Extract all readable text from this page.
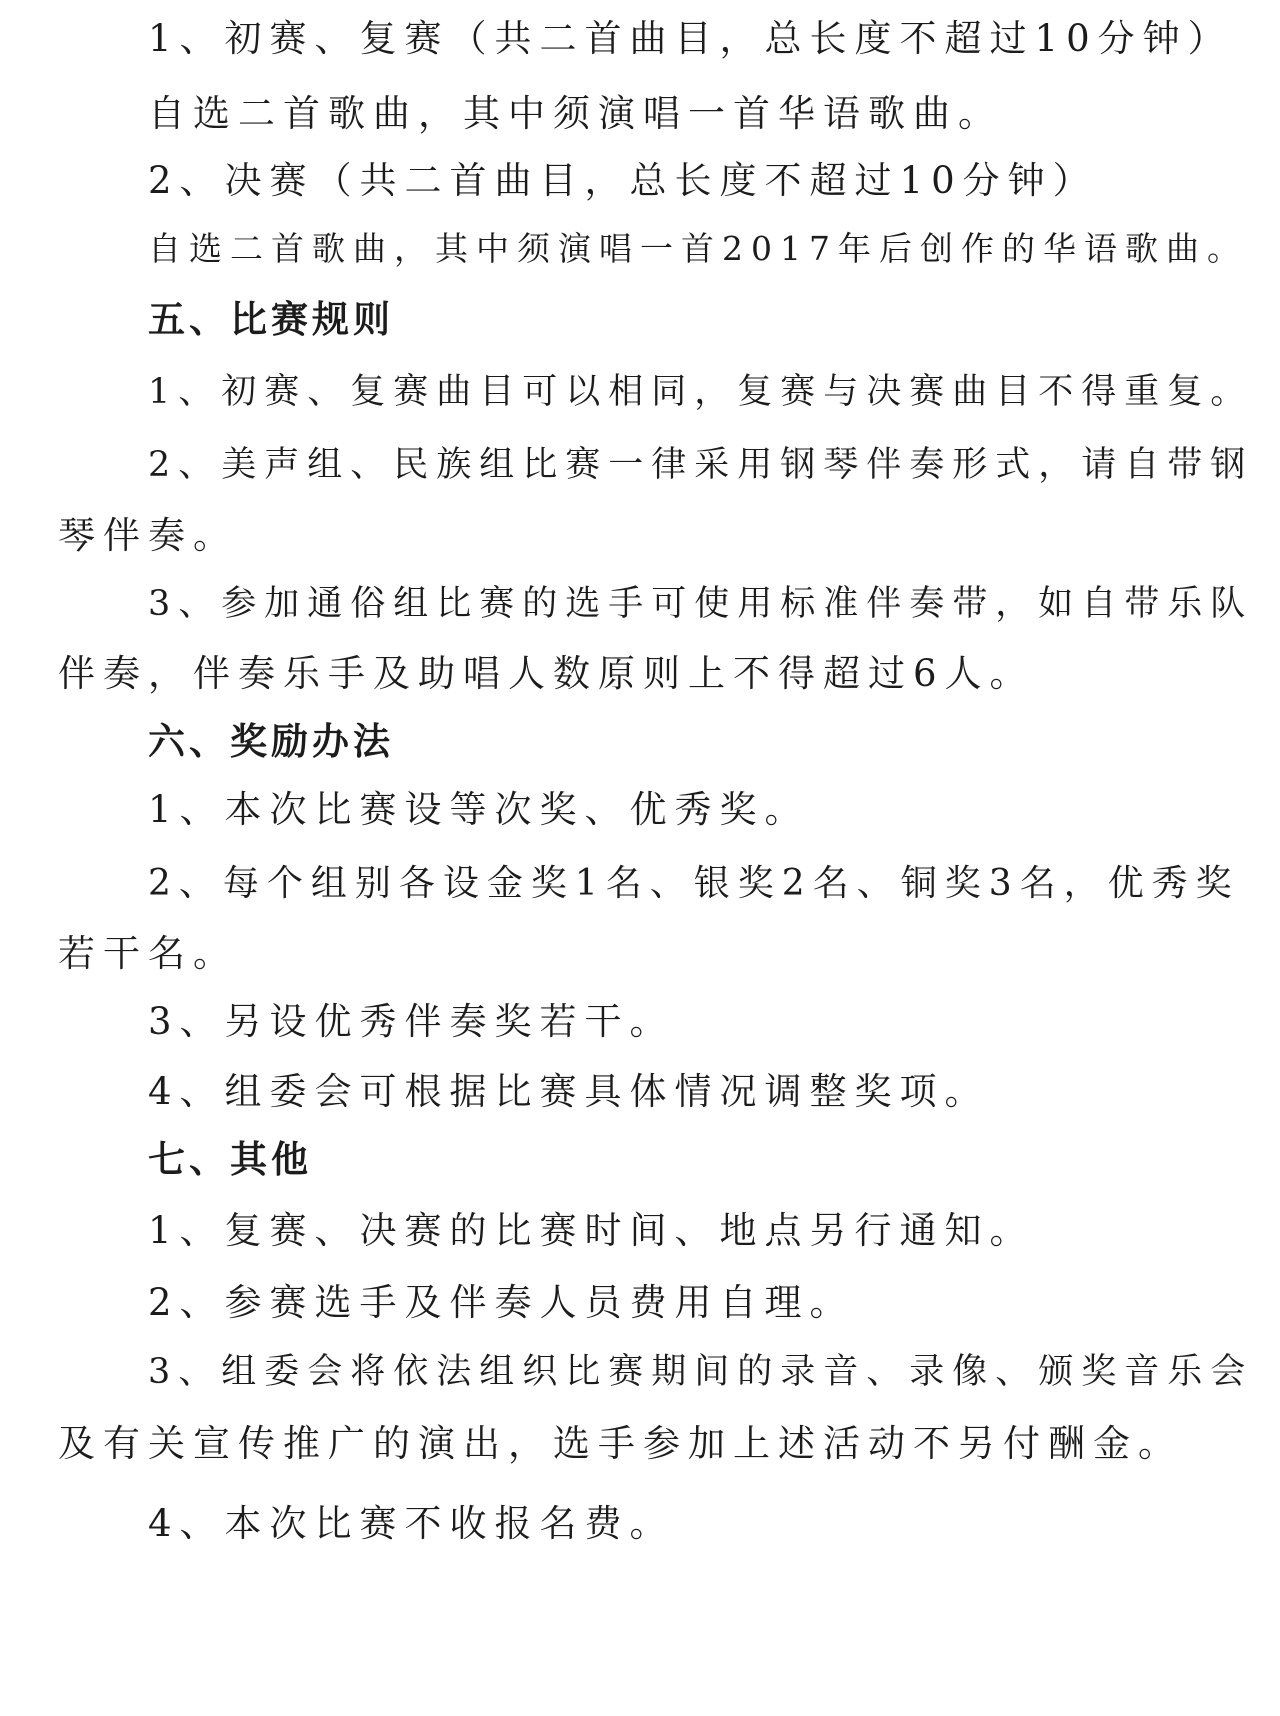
1、初赛、复赛（共二首曲目，总长度不超过10分钟）
自选二首歌曲，其中须演唱一首华语歌曲。
2、决赛（共二首曲目，总长度不超过10分钟）
自选二首歌曲，其中须演唱一首2017年后创作的华语歌曲。
五、比赛规则
1、初赛、复赛曲目可以相同，复赛与决赛曲目不得重复。
2、美声组、民族组比赛一律采用钢琴伴奏形式，请自带钢
琴伴奏。
3、参加通俗组比赛的选手可使用标准伴奏带，如自带乐队
伴奏，伴奏乐手及助唱人数原则上不得超过6人。
六、奖励办法
1、本次比赛设等次奖、优秀奖。
2、每个组别各设金奖1名、银奖2名、铜奖3名，优秀奖
若干名。
3、另设优秀伴奏奖若干。
4、组委会可根据比赛具体情况调整奖项。
七、其他
1、复赛、决赛的比赛时间、地点另行通知。
2、参赛选手及伴奏人员费用自理。
3、组委会将依法组织比赛期间的录音、录像、颁奖音乐会
及有关宣传推广的演出，选手参加上述活动不另付酬金。
4、本次比赛不收报名费。
